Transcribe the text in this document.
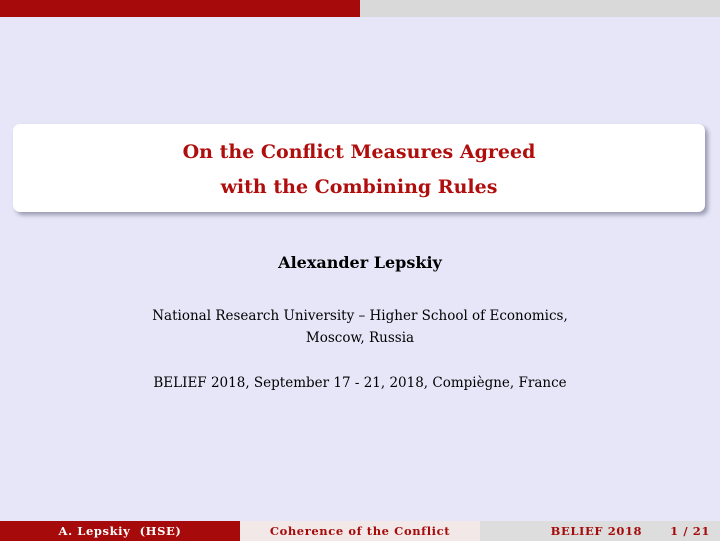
On the Conflict Measures Agreed
with the Combining Rules
Alexander Lepskiy
National Research University – Higher School of Economics,
Moscow, Russia
BELIEF 2018, September 17 - 21, 2018, Compiègne, France
A. Lepskiy  (HSE)	Coherence of the Conflict	BELIEF 2018 1 / 21
